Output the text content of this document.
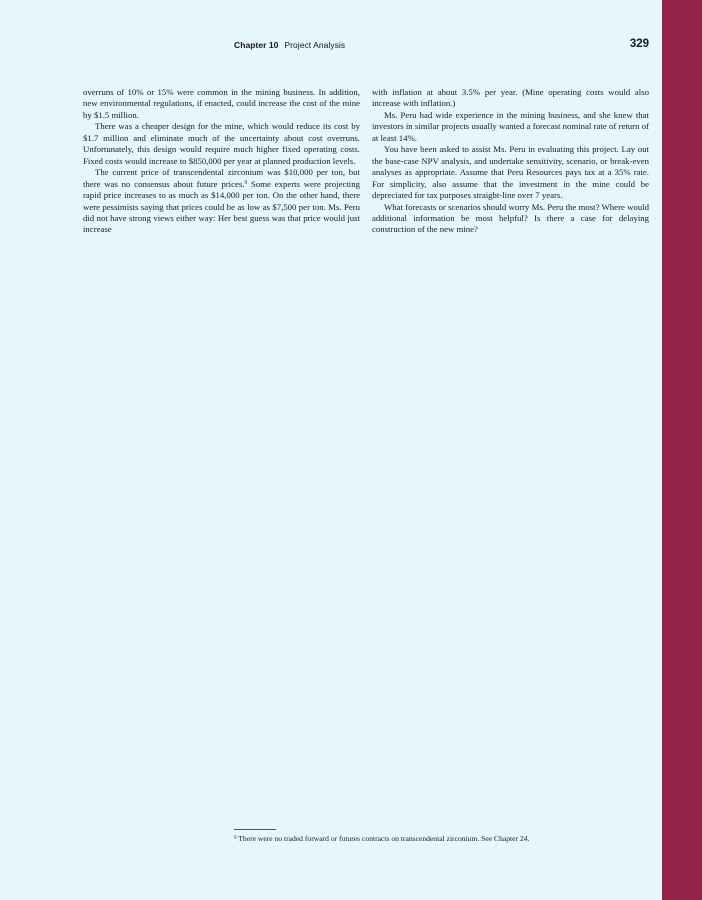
Chapter 10 Project Analysis	329

overruns of 10% or 15% were common in the mining business. In addition, new environmental regulations, if enacted, could increase the cost of the mine by $1.5 million.

There was a cheaper design for the mine, which would reduce its cost by $1.7 million and eliminate much of the uncertainty about cost overruns. Unfortunately, this design would require much higher fixed operating costs. Fixed costs would increase to $850,000 per year at planned production levels.

The current price of transcendental zirconium was $10,000 per ton, but there was no consensus about future prices.$^9$ Some experts were projecting rapid price increases to as much as $14,000 per ton. On the other hand, there were pessimists saying that prices could be as low as $7,500 per ton. Ms. Peru did not have strong views either way: Her best guess was that price would just increase

with inflation at about 3.5% per year. (Mine operating costs would also increase with inflation.)

Ms. Peru had wide experience in the mining business, and she knew that investors in similar projects usually wanted a forecast nominal rate of return of at least 14%.

You have been asked to assist Ms. Peru in evaluating this project. Lay out the base-case NPV analysis, and undertake sensitivity, scenario, or break-even analyses as appropriate. Assume that Peru Resources pays tax at a 35% rate. For simplicity, also assume that the investment in the mine could be depreciated for tax purposes straight-line over 7 years.

What forecasts or scenarios should worry Ms. Peru the most? Where would additional information be most helpful? Is there a case for delaying construction of the new mine?

$^9$ There were no traded forward or futures contracts on transcendental zirconium. See Chapter 24.
